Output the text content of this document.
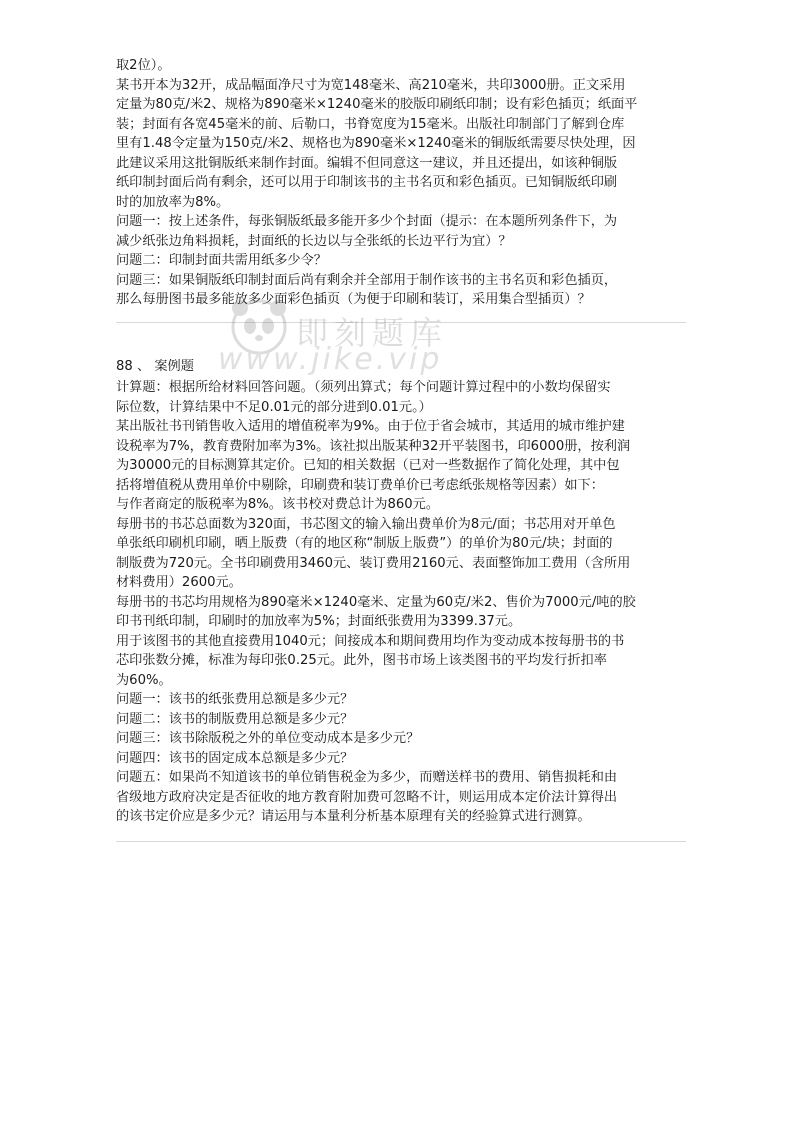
取2位）。
某书开本为32开，成品幅面净尺寸为宽148毫米、高210毫米，共印3000册。正文采用
定量为80克/米2、规格为890毫米×1240毫米的胶版印刷纸印制；设有彩色插页；纸面平
装；封面有各宽45毫米的前、后勒口，书脊宽度为15毫米。出版社印制部门了解到仓库
里有1.48令定量为150克/米2、规格也为890毫米×1240毫米的铜版纸需要尽快处理，因
此建议采用这批铜版纸来制作封面。编辑不但同意这一建议，并且还提出，如该种铜版
纸印制封面后尚有剩余，还可以用于印制该书的主书名页和彩色插页。已知铜版纸印刷
时的加放率为8%。
问题一：按上述条件，每张铜版纸最多能开多少个封面（提示：在本题所列条件下，为
减少纸张边角料损耗，封面纸的长边以与全张纸的长边平行为宜）？
问题二：印制封面共需用纸多少令？
问题三：如果铜版纸印制封面后尚有剩余并全部用于制作该书的主书名页和彩色插页，
那么每册图书最多能放多少面彩色插页（为便于印刷和装订，采用集合型插页）？
88 、 案例题
计算题：根据所给材料回答问题。（须列出算式；每个问题计算过程中的小数均保留实
际位数，计算结果中不足0.01元的部分进到0.01元。）
某出版社书刊销售收入适用的增值税率为9%。由于位于省会城市，其适用的城市维护建
设税率为7%，教育费附加率为3%。该社拟出版某种32开平装图书，印6000册，按利润
为30000元的目标测算其定价。已知的相关数据（已对一些数据作了简化处理，其中包
括将增值税从费用单价中剔除，印刷费和装订费单价已考虑纸张规格等因素）如下：
与作者商定的版税率为8%。该书校对费总计为860元。
每册书的书芯总面数为320面，书芯图文的输入输出费单价为8元/面；书芯用对开单色
单张纸印刷机印刷，晒上版费（有的地区称“制版上版费”）的单价为80元/块；封面的
制版费为720元。全书印刷费用3460元、装订费用2160元、表面整饰加工费用（含所用
材料费用）2600元。
每册书的书芯均用规格为890毫米×1240毫米、定量为60克/米2、售价为7000元/吨的胶
印书刊纸印制，印刷时的加放率为5%；封面纸张费用为3399.37元。
用于该图书的其他直接费用1040元；间接成本和期间费用均作为变动成本按每册书的书
芯印张数分摊，标准为每印张0.25元。此外，图书市场上该类图书的平均发行折扣率
为60%。
问题一：该书的纸张费用总额是多少元？
问题二：该书的制版费用总额是多少元？
问题三：该书除版税之外的单位变动成本是多少元？
问题四：该书的固定成本总额是多少元？
问题五：如果尚不知道该书的单位销售税金为多少，而赠送样书的费用、销售损耗和由
省级地方政府决定是否征收的地方教育附加费可忽略不计，则运用成本定价法计算得出
的该书定价应是多少元？请运用与本量利分析基本原理有关的经验算式进行测算。
即刻题库
www.jike.vip
